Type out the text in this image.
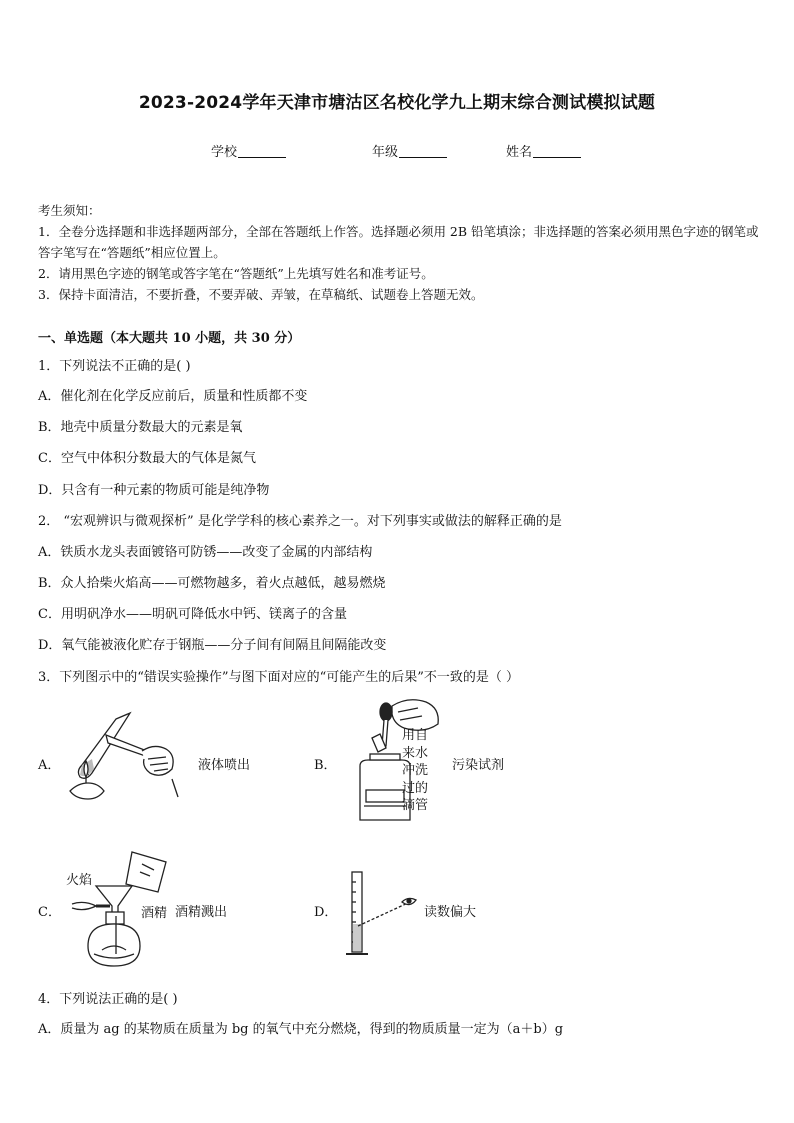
2023-2024学年天津市塘沽区名校化学九上期末综合测试模拟试题
学校	年级	姓名
考生须知：
1．全卷分选择题和非选择题两部分，全部在答题纸上作答。选择题必须用 2B 铅笔填涂；非选择题的答案必须用黑色字迹的钢笔或答字笔写在“答题纸”相应位置上。
2．请用黑色字迹的钢笔或答字笔在“答题纸”上先填写姓名和准考证号。
3．保持卡面清洁，不要折叠，不要弄破、弄皱，在草稿纸、试题卷上答题无效。
一、单选题（本大题共 10 小题，共 30 分）
1．下列说法不正确的是( )
A．催化剂在化学反应前后，质量和性质都不变
B．地壳中质量分数最大的元素是氧
C．空气中体积分数最大的气体是氮气
D．只含有一种元素的物质可能是纯净物
2． “宏观辨识与微观探析” 是化学学科的核心素养之一。对下列事实或做法的解释正确的是
A．铁质水龙头表面镀铬可防锈——改变了金属的内部结构
B．众人拾柴火焰高——可燃物越多，着火点越低，越易燃烧
C．用明矾净水——明矾可降低水中钙、镁离子的含量
D．氧气能被液化贮存于钢瓶——分子间有间隔且间隔能改变
3．下列图示中的“错误实验操作”与图下面对应的“可能产生的后果”不一致的是（ ）
A．	液体喷出	B．
用自
来水
冲洗
过的
滴管
污染试剂
C．
火焰
酒精 酒精溅出	D．	读数偏大
4．下列说法正确的是( )
A．质量为 ag 的某物质在质量为 bg 的氧气中充分燃烧，得到的物质质量一定为（a＋b）g
